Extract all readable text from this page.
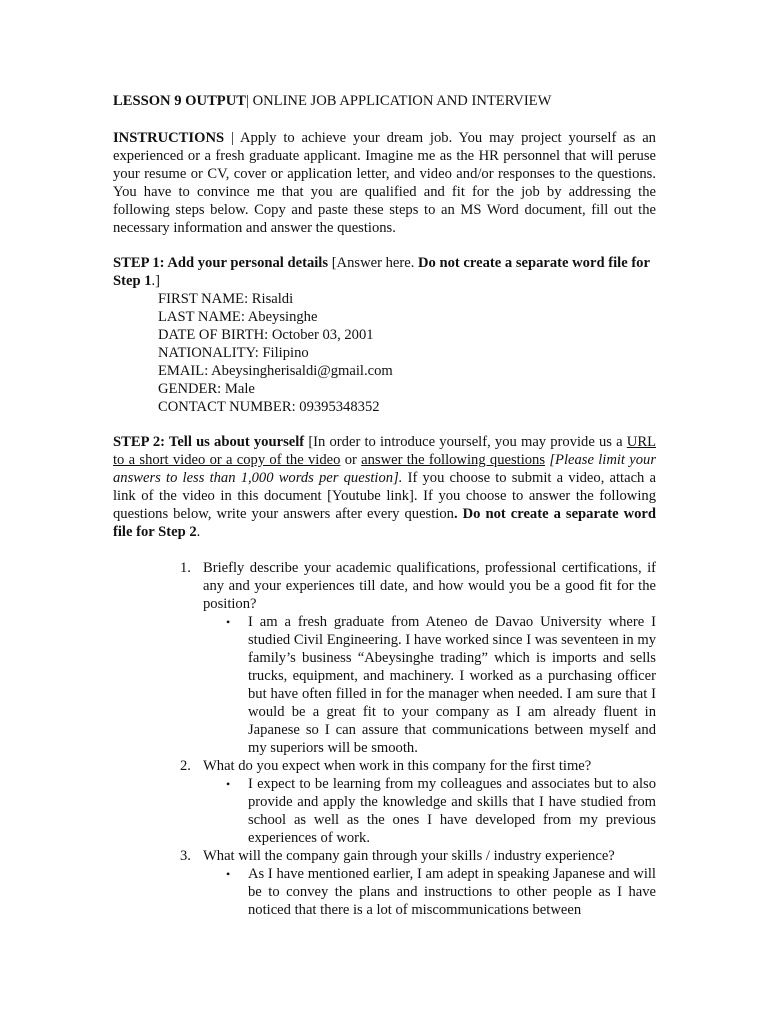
LESSON 9 OUTPUT| ONLINE JOB APPLICATION AND INTERVIEW

INSTRUCTIONS | Apply to achieve your dream job. You may project yourself as an experienced or a fresh graduate applicant. Imagine me as the HR personnel that will peruse your resume or CV, cover or application letter, and video and/or responses to the questions. You have to convince me that you are qualified and fit for the job by addressing the following steps below. Copy and paste these steps to an MS Word document, fill out the necessary information and answer the questions.

STEP 1: Add your personal details [Answer here. Do not create a separate word file for Step 1.]

FIRST NAME: Risaldi
LAST NAME: Abeysinghe
DATE OF BIRTH: October 03, 2001
NATIONALITY: Filipino
EMAIL: Abeysingherisaldi@gmail.com
GENDER: Male
CONTACT NUMBER: 09395348352

STEP 2: Tell us about yourself [In order to introduce yourself, you may provide us a URL to a short video or a copy of the video or answer the following questions [Please limit your answers to less than 1,000 words per question]. If you choose to submit a video, attach a link of the video in this document [Youtube link]. If you choose to answer the following questions below, write your answers after every question. Do not create a separate word file for Step 2.

1. Briefly describe your academic qualifications, professional certifications, if any and your experiences till date, and how would you be a good fit for the position?

• I am a fresh graduate from Ateneo de Davao University where I studied Civil Engineering. I have worked since I was seventeen in my family’s business “Abeysinghe trading” which is imports and sells trucks, equipment, and machinery. I worked as a purchasing officer but have often filled in for the manager when needed. I am sure that I would be a great fit to your company as I am already fluent in Japanese so I can assure that communications between myself and my superiors will be smooth.

2. What do you expect when work in this company for the first time?

• I expect to be learning from my colleagues and associates but to also provide and apply the knowledge and skills that I have studied from school as well as the ones I have developed from my previous experiences of work.

3. What will the company gain through your skills / industry experience?

• As I have mentioned earlier, I am adept in speaking Japanese and will be to convey the plans and instructions to other people as I have noticed that there is a lot of miscommunications between
